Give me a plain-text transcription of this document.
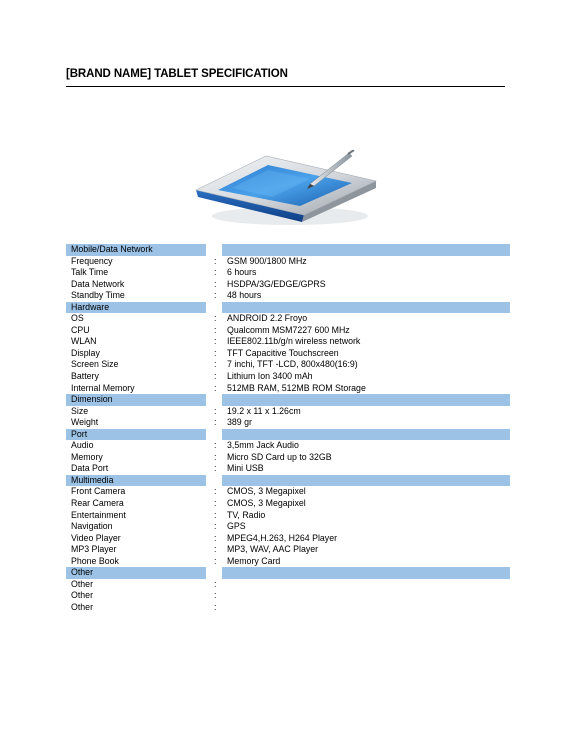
[BRAND NAME] TABLET SPECIFICATION
Mobile/Data Network		
Frequency	:	GSM 900/1800 MHz
Talk Time	:	6 hours
Data Network	:	HSDPA/3G/EDGE/GPRS
Standby Time	:	48 hours
Hardware		
OS	:	ANDROID 2.2 Froyo
CPU	:	Qualcomm MSM7227 600 MHz
WLAN	:	IEEE802.11b/g/n wireless network
Display	:	TFT Capacitive Touchscreen
Screen Size	:	7 inchi, TFT -LCD, 800x480(16:9)
Battery	:	Lithium Ion 3400 mAh
Internal Memory	:	512MB RAM, 512MB ROM Storage
Dimension		
Size	:	19.2 x 11 x 1.26cm
Weight	:	389 gr
Port		
Audio	:	3,5mm Jack Audio
Memory	:	Micro SD Card up to 32GB
Data Port	:	Mini USB
Multimedia		
Front Camera	:	CMOS, 3 Megapixel
Rear Camera	:	CMOS, 3 Megapixel
Entertainment	:	TV, Radio
Navigation	:	GPS
Video Player	:	MPEG4,H.263, H264 Player
MP3 Player	:	MP3, WAV, AAC Player
Phone Book	:	Memory Card
Other		
Other	:	
Other	:	
Other	:	
